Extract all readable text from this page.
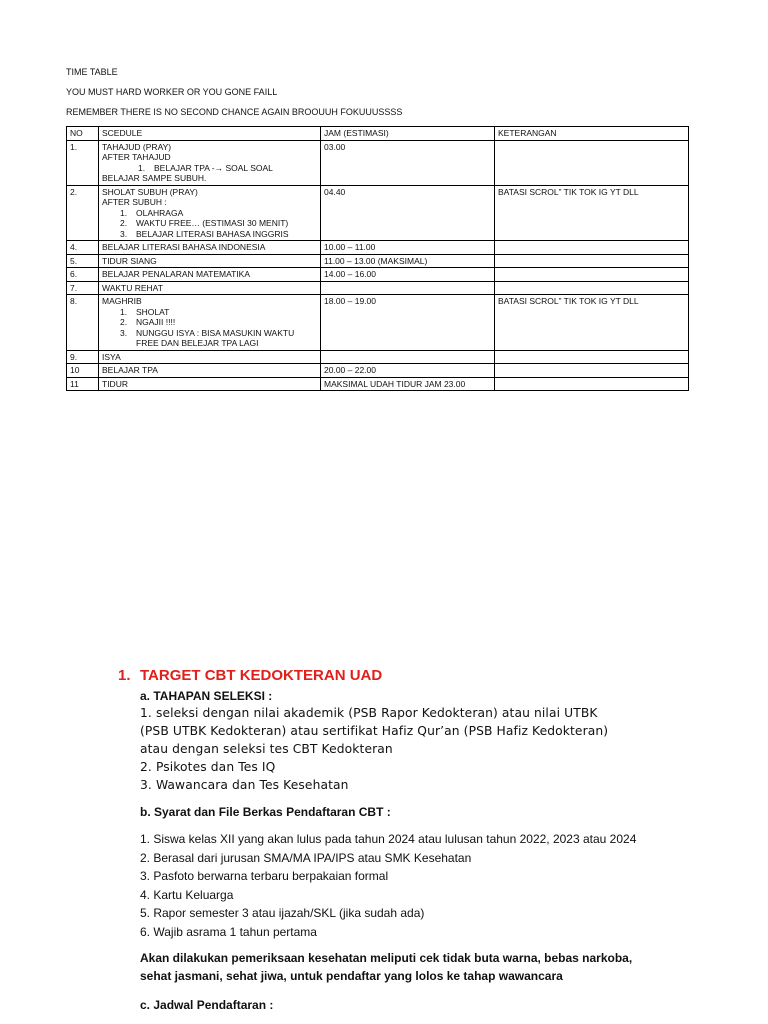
TIME TABLE
YOU MUST HARD WORKER OR YOU GONE FAILL
REMEMBER THERE IS NO SECOND CHANCE AGAIN BROOUUH FOKUUUSSSS
NO	SCEDULE	JAM (ESTIMASI)	KETERANGAN
1.	TAHAJUD (PRAY)
AFTER TAHAJUD
1. BELAJAR TPA -→ SOAL SOAL
BELAJAR SAMPE SUBUH.	03.00	
2.	SHOLAT SUBUH (PRAY)
AFTER SUBUH :
1. OLAHRAGA
2. WAKTU FREE… (ESTIMASI 30 MENIT)
3. BELAJAR LITERASI BAHASA INGGRIS	04.40	BATASI SCROL” TIK TOK IG YT DLL
4.	BELAJAR LITERASI BAHASA INDONESIA	10.00 – 11.00	
5.	TIDUR SIANG	11.00 – 13.00 (MAKSIMAL)	
6.	BELAJAR PENALARAN MATEMATIKA	14.00 – 16.00	
7.	WAKTU REHAT		
8.	MAGHRIB
1. SHOLAT
2. NGAJII !!!!
3. NUNGGU ISYA : BISA MASUKIN WAKTU
FREE DAN BELEJAR TPA LAGI	18.00 – 19.00	BATASI SCROL” TIK TOK IG YT DLL
9.	ISYA		
10	BELAJAR TPA	20.00 – 22.00	
11	TIDUR	MAKSIMAL UDAH TIDUR JAM 23.00	
1. TARGET CBT KEDOKTERAN UAD
a. TAHAPAN SELEKSI :
1. seleksi dengan nilai akademik (PSB Rapor Kedokteran) atau nilai UTBK
(PSB UTBK Kedokteran) atau sertifikat Hafiz Qur’an (PSB Hafiz Kedokteran)
atau dengan seleksi tes CBT Kedokteran
2. Psikotes dan Tes IQ
3. Wawancara dan Tes Kesehatan
b. Syarat dan File Berkas Pendaftaran CBT :
1. Siswa kelas XII yang akan lulus pada tahun 2024 atau lulusan tahun 2022, 2023 atau 2024
2. Berasal dari jurusan SMA/MA IPA/IPS atau SMK Kesehatan
3. Pasfoto berwarna terbaru berpakaian formal
4. Kartu Keluarga
5. Rapor semester 3 atau ijazah/SKL (jika sudah ada)
6. Wajib asrama 1 tahun pertama
Akan dilakukan pemeriksaan kesehatan meliputi cek tidak buta warna, bebas narkoba,
sehat jasmani, sehat jiwa, untuk pendaftar yang lolos ke tahap wawancara
c. Jadwal Pendaftaran :
